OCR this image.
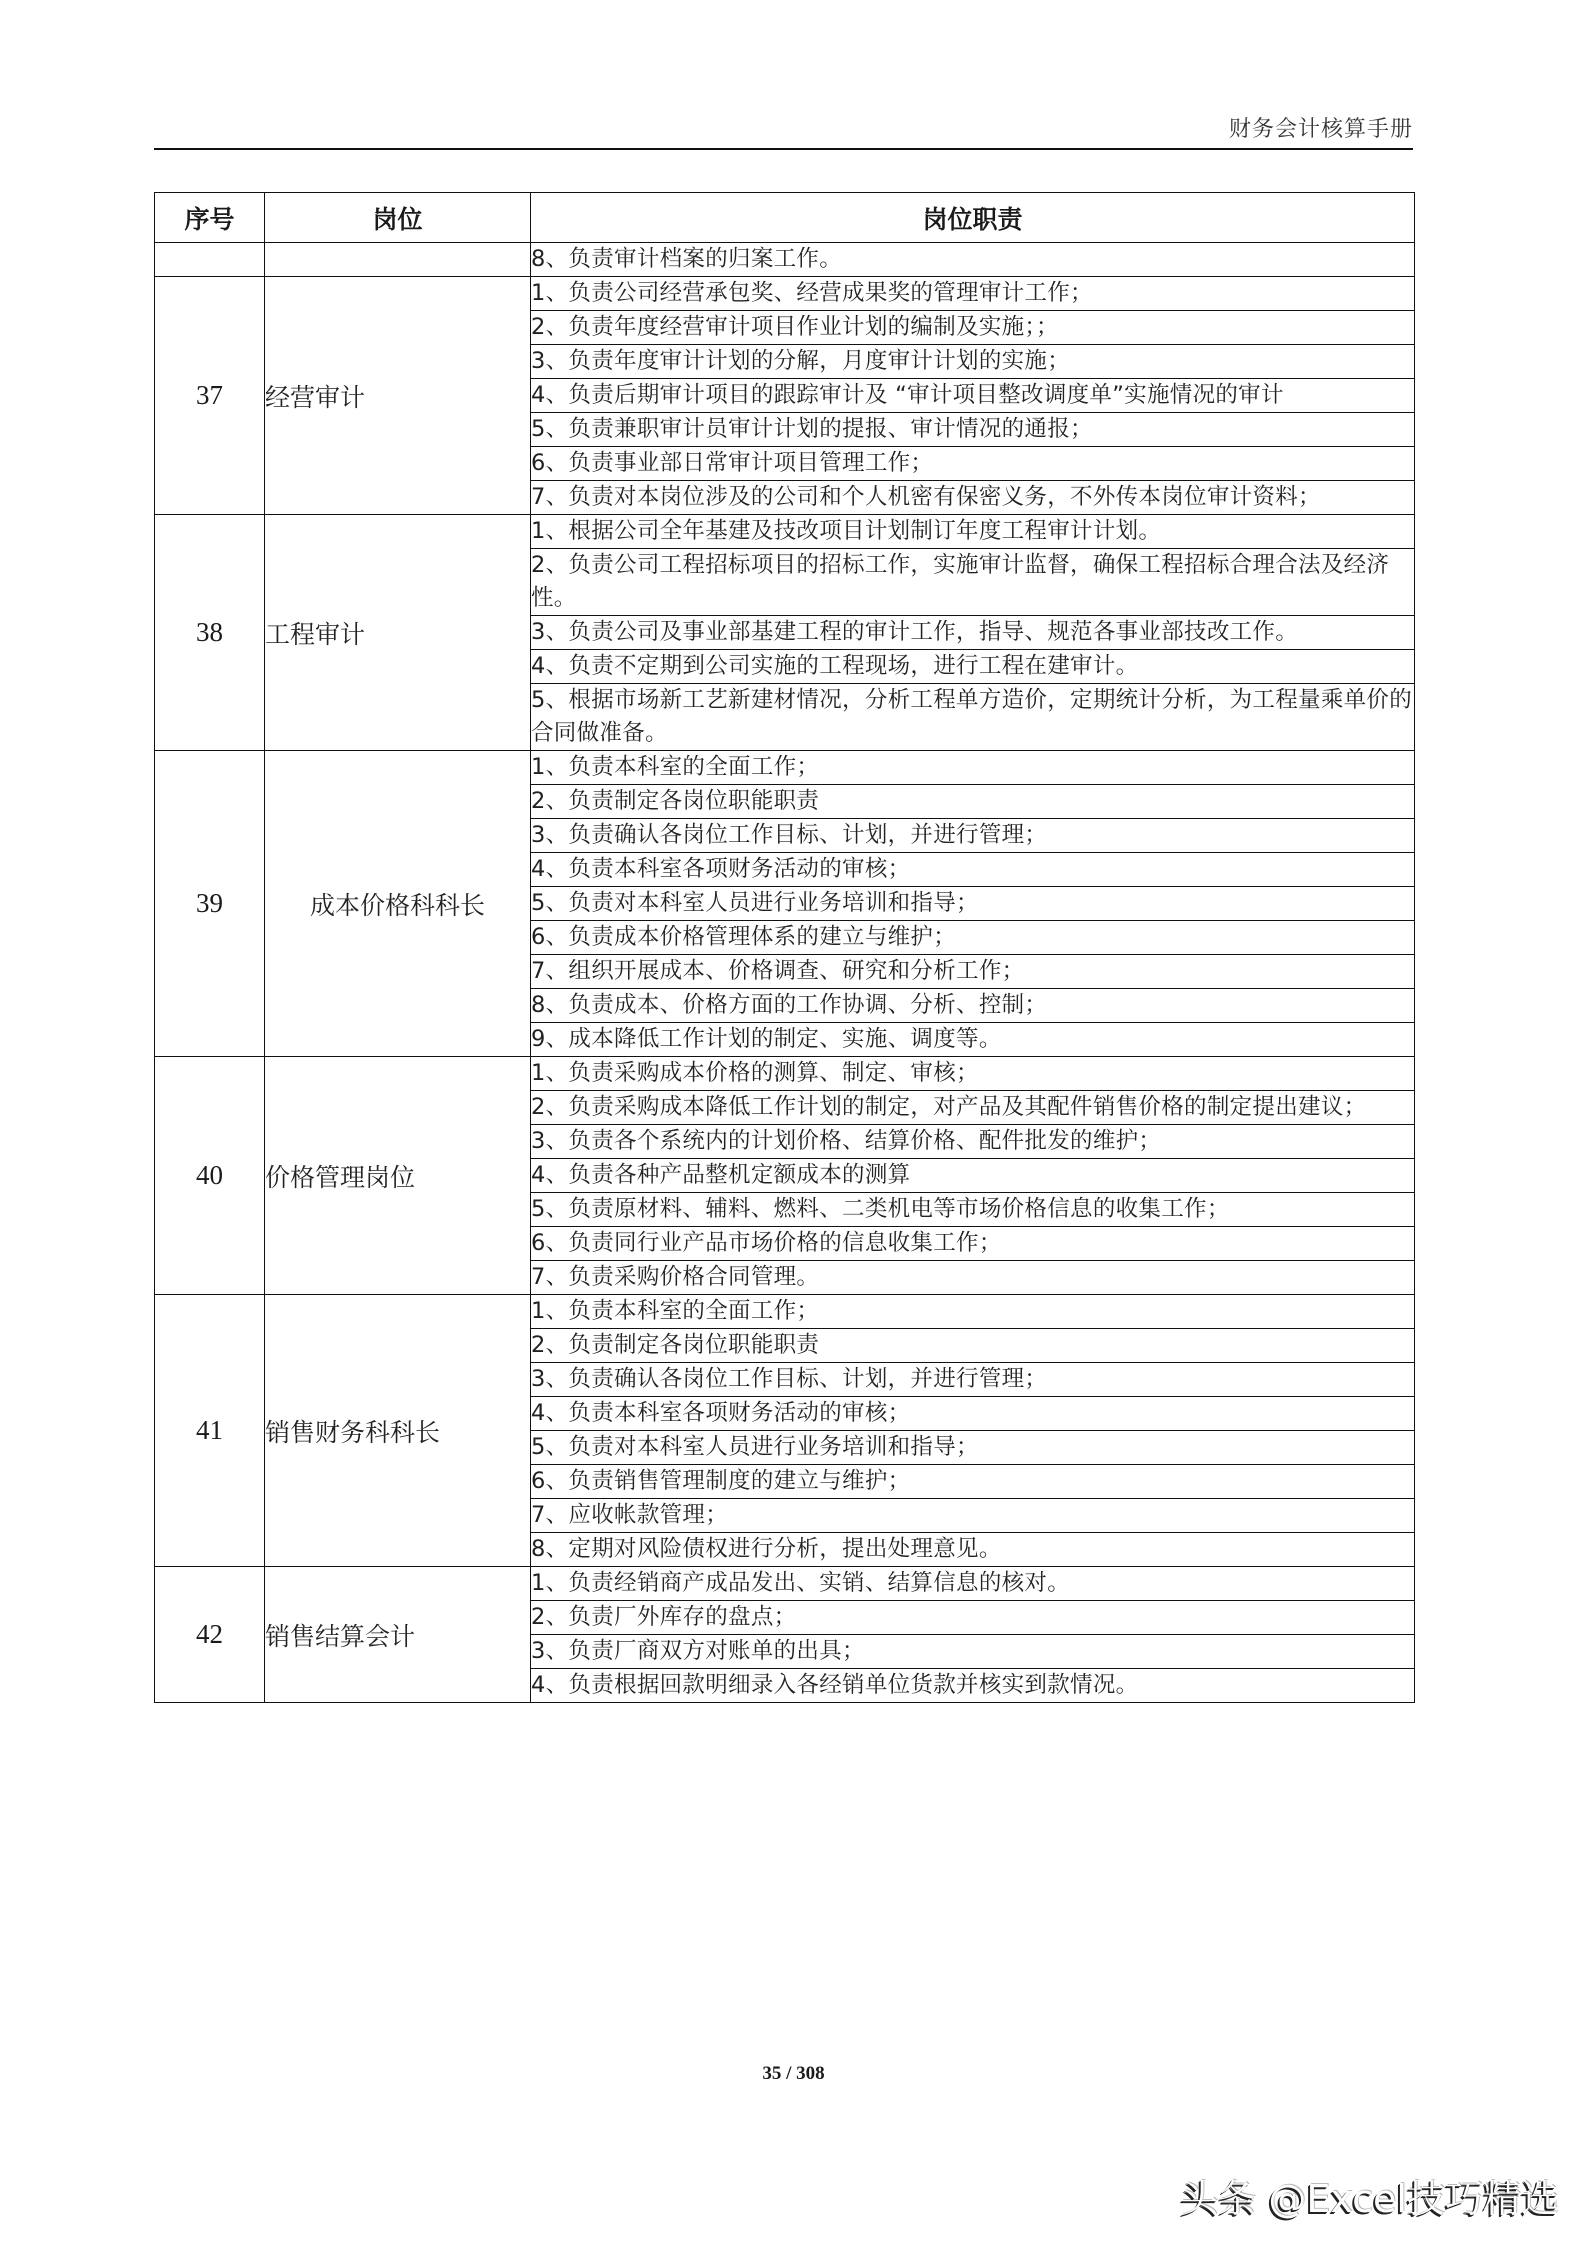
财务会计核算手册
序号	岗位	岗位职责
		8、负责审计档案的归案工作。
37	经营审计	1、负责公司经营承包奖、经营成果奖的管理审计工作；
		2、负责年度经营审计项目作业计划的编制及实施；；
		3、负责年度审计计划的分解，月度审计计划的实施；
		4、负责后期审计项目的跟踪审计及 “审计项目整改调度单”实施情况的审计
		5、负责兼职审计员审计计划的提报、审计情况的通报；
		6、负责事业部日常审计项目管理工作；
		7、负责对本岗位涉及的公司和个人机密有保密义务，不外传本岗位审计资料；
38	工程审计	1、根据公司全年基建及技改项目计划制订年度工程审计计划。
		2、负责公司工程招标项目的招标工作，实施审计监督，确保工程招标合理合法及经济性。
		3、负责公司及事业部基建工程的审计工作，指导、规范各事业部技改工作。
		4、负责不定期到公司实施的工程现场，进行工程在建审计。
		5、根据市场新工艺新建材情况，分析工程单方造价，定期统计分析，为工程量乘单价的合同做准备。
39	成本价格科科长	1、负责本科室的全面工作；
		2、负责制定各岗位职能职责
		3、负责确认各岗位工作目标、计划，并进行管理；
		4、负责本科室各项财务活动的审核；
		5、负责对本科室人员进行业务培训和指导；
		6、负责成本价格管理体系的建立与维护；
		7、组织开展成本、价格调查、研究和分析工作；
		8、负责成本、价格方面的工作协调、分析、控制；
		9、成本降低工作计划的制定、实施、调度等。
40	价格管理岗位	1、负责采购成本价格的测算、制定、审核；
		2、负责采购成本降低工作计划的制定，对产品及其配件销售价格的制定提出建议；
		3、负责各个系统内的计划价格、结算价格、配件批发的维护；
		4、负责各种产品整机定额成本的测算
		5、负责原材料、辅料、燃料、二类机电等市场价格信息的收集工作；
		6、负责同行业产品市场价格的信息收集工作；
		7、负责采购价格合同管理。
41	销售财务科科长	1、负责本科室的全面工作；
		2、负责制定各岗位职能职责
		3、负责确认各岗位工作目标、计划，并进行管理；
		4、负责本科室各项财务活动的审核；
		5、负责对本科室人员进行业务培训和指导；
		6、负责销售管理制度的建立与维护；
		7、应收帐款管理；
		8、定期对风险债权进行分析，提出处理意见。
42	销售结算会计	1、负责经销商产成品发出、实销、结算信息的核对。
		2、负责厂外库存的盘点；
		3、负责厂商双方对账单的出具；
		4、负责根据回款明细录入各经销单位货款并核实到款情况。
35 / 308
头条 @Excel技巧精选
